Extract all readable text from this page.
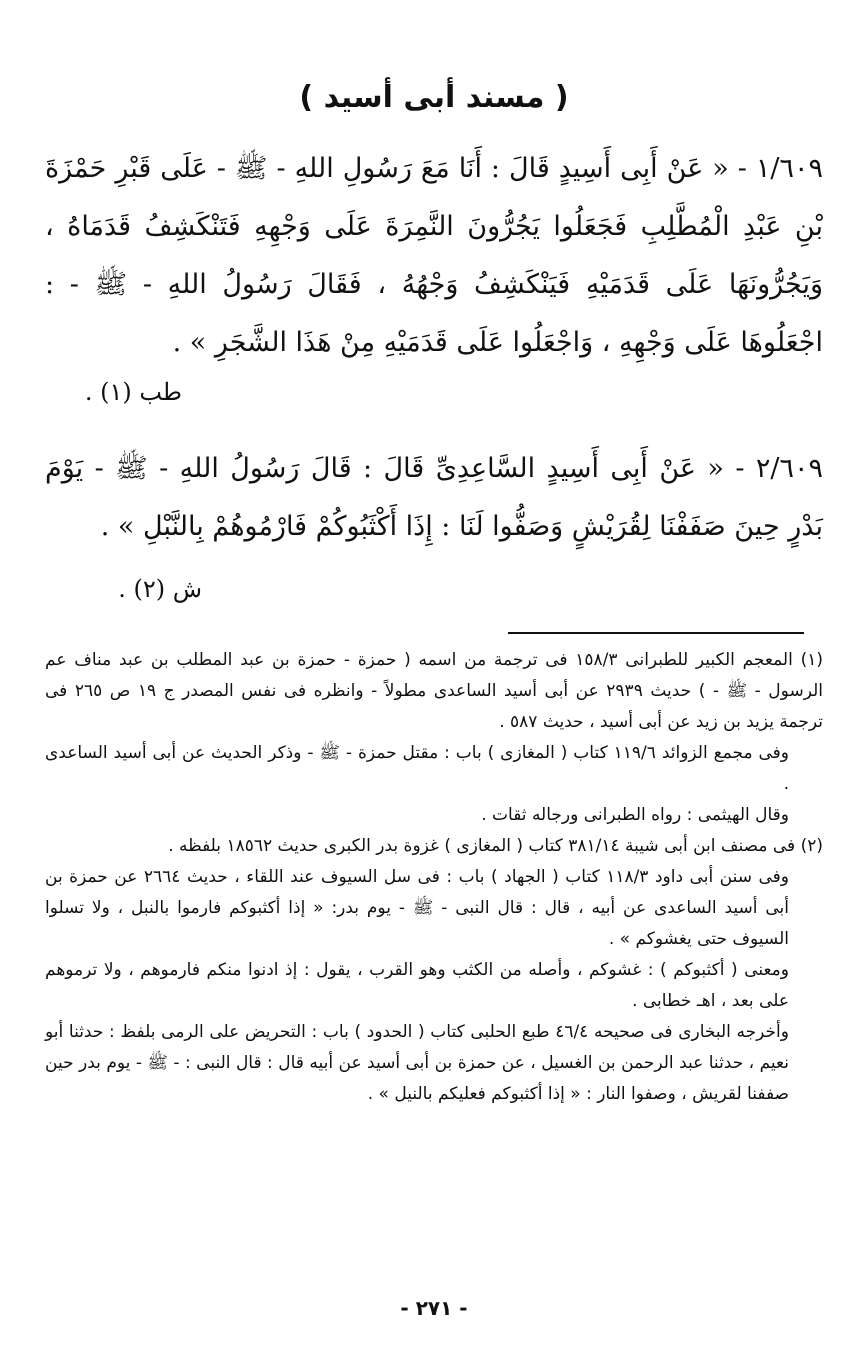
( مسند أبى أسيد )
١/٦٠٩ - « عَنْ أَبِى أَسِيدٍ قَالَ : أَنَا مَعَ رَسُولِ اللهِ - ﷺ - عَلَى قَبْرِ حَمْزَةَ بْنِ عَبْدِ الْمُطَّلِبِ فَجَعَلُوا يَجُرُّونَ النَّمِرَةَ عَلَى وَجْهِهِ فَتَنْكَشِفُ قَدَمَاهُ ، وَيَجُرُّونَهَا عَلَى قَدَمَيْهِ فَيَنْكَشِفُ وَجْهُهُ ، فَقَالَ رَسُولُ اللهِ - ﷺ - : اجْعَلُوهَا عَلَى وَجْهِهِ ، وَاجْعَلُوا عَلَى قَدَمَيْهِ مِنْ هَذَا الشَّجَرِ » .
طب (١) .
٢/٦٠٩ - « عَنْ أَبِى أَسِيدٍ السَّاعِدِىِّ قَالَ : قَالَ رَسُولُ اللهِ - ﷺ - يَوْمَ بَدْرٍ حِينَ صَفَفْنَا لِقُرَيْشٍ وَصَفُّوا لَنَا : إِذَا أَكْثَبُوكُمْ فَارْمُوهُمْ بِالنَّبْلِ » .
ش (٢) .

(١) المعجم الكبير للطبرانى ١٥٨/٣ فى ترجمة من اسمه ( حمزة - حمزة بن عبد المطلب بن عبد مناف عم الرسول - ﷺ - ) حديث ٢٩٣٩ عن أبى أسيد الساعدى مطولاً - وانظره فى نفس المصدر ج ١٩ ص ٢٦٥ فى ترجمة يزيد بن زيد عن أبى أسيد ، حديث ٥٨٧ .

وفى مجمع الزوائد ١١٩/٦ كتاب ( المغازى ) باب : مقتل حمزة - ﷺ - وذكر الحديث عن أبى أسيد الساعدى .

وقال الهيثمى : رواه الطبرانى ورجاله ثقات .

(٢) فى مصنف ابن أبى شيبة ٣٨١/١٤ كتاب ( المغازى ) غزوة بدر الكبرى حديث ١٨٥٦٢ بلفظه .

وفى سنن أبى داود ١١٨/٣ كتاب ( الجهاد ) باب : فى سل السيوف عند اللقاء ، حديث ٢٦٦٤ عن حمزة بن أبى أسيد الساعدى عن أبيه ، قال : قال النبى - ﷺ - يوم بدر: « إذا أكثبوكم فارموا بالنبل ، ولا تسلوا السيوف حتى يغشوكم » .

ومعنى ( أكثبوكم ) : غشوكم ، وأصله من الكثب وهو القرب ، يقول : إذ ادنوا منكم فارموهم ، ولا ترموهم على بعد ، اهـ خطابى .

وأخرجه البخارى فى صحيحه ٤٦/٤ طبع الحلبى كتاب ( الحدود ) باب : التحريض على الرمى بلفظ : حدثنا أبو نعيم ، حدثنا عبد الرحمن بن الغسيل ، عن حمزة بن أبى أسيد عن أبيه قال : قال النبى : - ﷺ - يوم بدر حين صففنا لقريش ، وصفوا النار : « إذا أكثبوكم فعليكم بالنيل » .

- ٢٧١ -
